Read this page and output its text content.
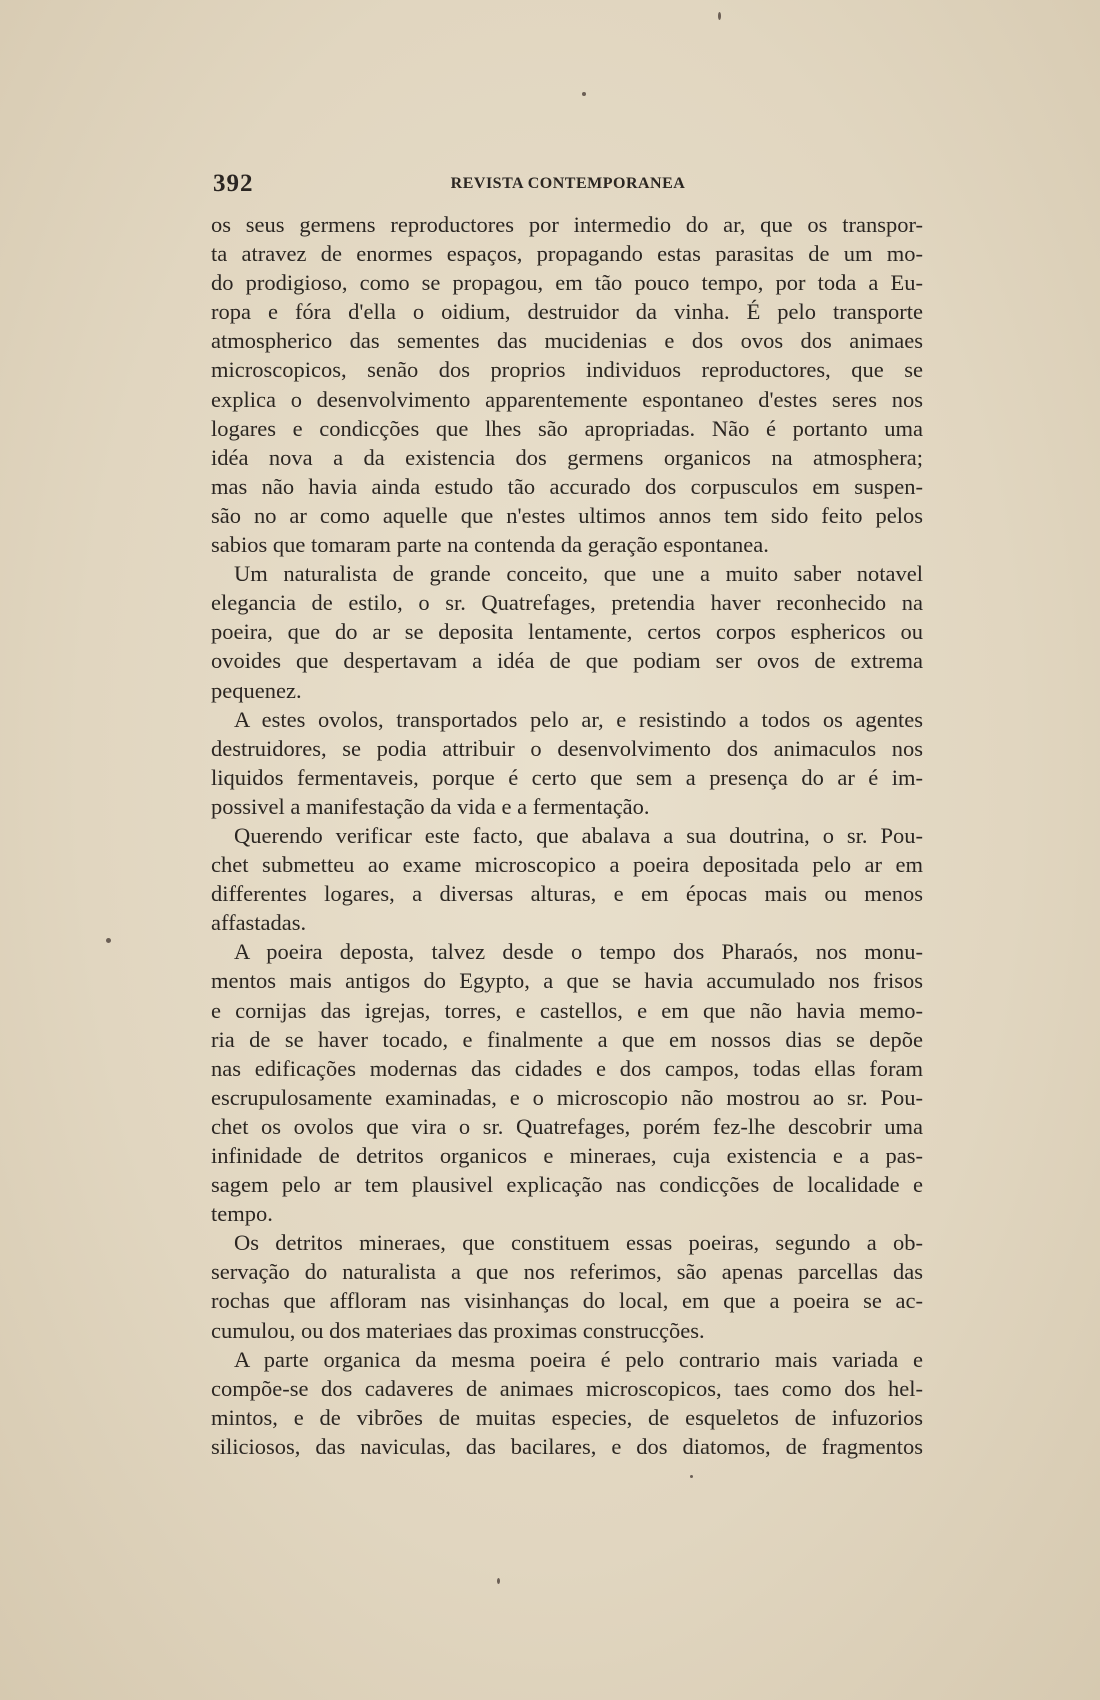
392	REVISTA CONTEMPORANEA
os seus germens reproductores por intermedio do ar, que os transpor-
ta atravez de enormes espaços, propagando estas parasitas de um mo-
do prodigioso, como se propagou, em tão pouco tempo, por toda a Eu-
ropa e fóra d'ella o oidium, destruidor da vinha. É pelo transporte
atmospherico das sementes das mucidenias e dos ovos dos animaes
microscopicos, senão dos proprios individuos reproductores, que se
explica o desenvolvimento apparentemente espontaneo d'estes seres nos
logares e condicções que lhes são apropriadas. Não é portanto uma
idéa nova a da existencia dos germens organicos na atmosphera;
mas não havia ainda estudo tão accurado dos corpusculos em suspen-
são no ar como aquelle que n'estes ultimos annos tem sido feito pelos
sabios que tomaram parte na contenda da geração espontanea.
Um naturalista de grande conceito, que une a muito saber notavel
elegancia de estilo, o sr. Quatrefages, pretendia haver reconhecido na
poeira, que do ar se deposita lentamente, certos corpos esphericos ou
ovoides que despertavam a idéa de que podiam ser ovos de extrema
pequenez.
A estes ovolos, transportados pelo ar, e resistindo a todos os agentes
destruidores, se podia attribuir o desenvolvimento dos animaculos nos
liquidos fermentaveis, porque é certo que sem a presença do ar é im-
possivel a manifestação da vida e a fermentação.
Querendo verificar este facto, que abalava a sua doutrina, o sr. Pou-
chet submetteu ao exame microscopico a poeira depositada pelo ar em
differentes logares, a diversas alturas, e em épocas mais ou menos
affastadas.
A poeira deposta, talvez desde o tempo dos Pharaós, nos monu-
mentos mais antigos do Egypto, a que se havia accumulado nos frisos
e cornijas das igrejas, torres, e castellos, e em que não havia memo-
ria de se haver tocado, e finalmente a que em nossos dias se depõe
nas edificações modernas das cidades e dos campos, todas ellas foram
escrupulosamente examinadas, e o microscopio não mostrou ao sr. Pou-
chet os ovolos que vira o sr. Quatrefages, porém fez-lhe descobrir uma
infinidade de detritos organicos e mineraes, cuja existencia e a pas-
sagem pelo ar tem plausivel explicação nas condicções de localidade e
tempo.
Os detritos mineraes, que constituem essas poeiras, segundo a ob-
servação do naturalista a que nos referimos, são apenas parcellas das
rochas que affloram nas visinhanças do local, em que a poeira se ac-
cumulou, ou dos materiaes das proximas construcções.
A parte organica da mesma poeira é pelo contrario mais variada e
compõe-se dos cadaveres de animaes microscopicos, taes como dos hel-
mintos, e de vibrões de muitas especies, de esqueletos de infuzorios
siliciosos, das naviculas, das bacilares, e dos diatomos, de fragmentos
